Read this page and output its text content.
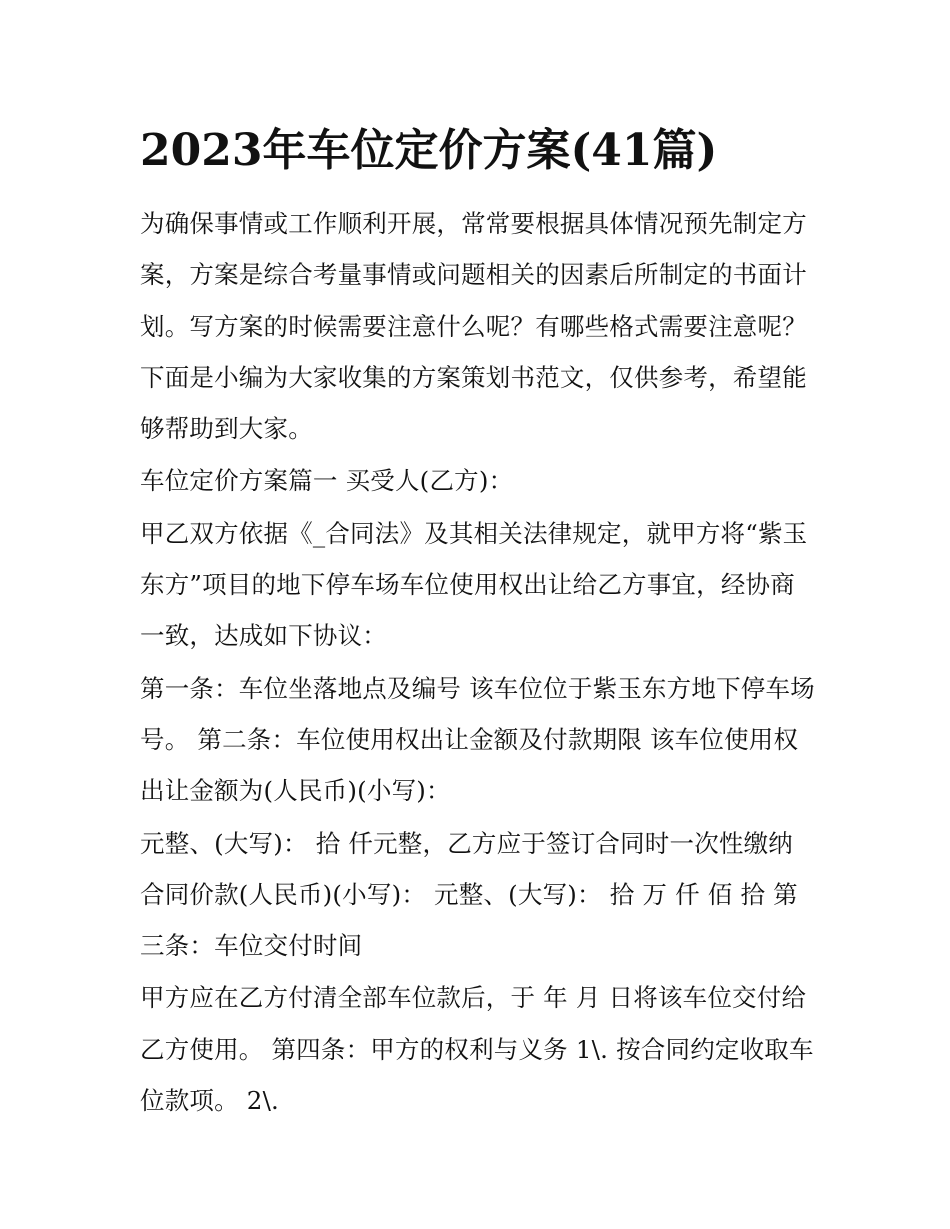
2023年车位定价方案(41篇)

为确保事情或工作顺利开展，常常要根据具体情况预先制定方案，方案是综合考量事情或问题相关的因素后所制定的书面计划。写方案的时候需要注意什么呢？有哪些格式需要注意呢？下面是小编为大家收集的方案策划书范文，仅供参考，希望能够帮助到大家。

车位定价方案篇一 买受人(乙方)：

甲乙双方依据《_合同法》及其相关法律规定，就甲方将“紫玉东方”项目的地下停车场车位使用权出让给乙方事宜，经协商一致，达成如下协议：

第一条：车位坐落地点及编号 该车位位于紫玉东方地下停车场 号。 第二条：车位使用权出让金额及付款期限 该车位使用权出让金额为(人民币)(小写)：

元整、(大写)： 拾 仟元整，乙方应于签订合同时一次性缴纳合同价款(人民币)(小写)： 元整、(大写)： 拾 万 仟 佰 拾 第三条：车位交付时间

甲方应在乙方付清全部车位款后，于 年 月 日将该车位交付给乙方使用。 第四条：甲方的权利与义务 1\. 按合同约定收取车位款项。 2\.
